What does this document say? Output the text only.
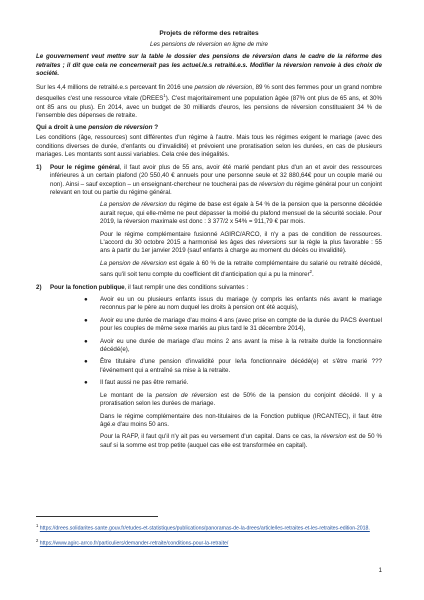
Projets de réforme des retraites
Les pensions de réversion en ligne de mire
Le gouvernement veut mettre sur la table le dossier des pensions de réversion dans le cadre de la réforme des retraites ; il dit que cela ne concernerait pas les actuel.le.s retraité.e.s. Modifier la réversion renvoie à des choix de société.

Sur les 4,4 millions de retraité.e.s percevant fin 2016 une pension de réversion, 89 % sont des femmes pour un grand nombre desquelles c'est une ressource vitale (DREES$^1$). C'est majoritairement une population âgée (87% ont plus de 65 ans, et 30% ont 85 ans ou plus). En 2014, avec un budget de 30 milliards d'euros, les pensions de réversion constituaient 34 % de l'ensemble des dépenses de retraite.

Qui a droit à une pension de réversion ?

Les conditions (âge, ressources) sont différentes d'un régime à l'autre. Mais tous les régimes exigent le mariage (avec des conditions diverses de durée, d'enfants ou d'invalidité) et prévoient une proratisation selon les durées, en cas de plusieurs mariages. Les montants sont aussi variables. Cela crée des inégalités.

1)	Pour le régime général, il faut avoir plus de 55 ans, avoir été marié pendant plus d'un an et avoir des ressources inférieures à un certain plafond (20 550,40 € annuels pour une personne seule et 32 880,64€ pour un couple marié ou non). Ainsi – sauf exception – un enseignant-chercheur ne toucherai pas de réversion du régime général pour un conjoint relevant en tout ou partie du régime général.

La pension de réversion du régime de base est égale à 54 % de la pension que la personne décédée aurait reçue, qui elle-même ne peut dépasser la moitié du plafond mensuel de la sécurité sociale. Pour 2019, la réversion maximale est donc : 3 377/2 x 54% = 911,79 € par mois.

Pour le régime complémentaire fusionné AGIRC/ARCO, il n'y a pas de condition de ressources. L'accord du 30 octobre 2015 a harmonisé les âges des réversions sur la règle la plus favorable : 55 ans à partir du 1er janvier 2019 (sauf enfants à charge au moment du décès ou invalidité).

La pension de réversion est égale à 60 % de la retraite complémentaire du salarié ou retraité décédé, sans qu'il soit tenu compte du coefficient dit d'anticipation qui a pu la minorer$^2$.

2)	Pour la fonction publique, il faut remplir une des conditions suivantes :
●	Avoir eu un ou plusieurs enfants issus du mariage (y compris les enfants nés avant le mariage reconnus par le père au nom duquel les droits à pension ont été acquis),
●	Avoir eu une durée de mariage d'au moins 4 ans (avec prise en compte de la durée du PACS éventuel pour les couples de même sexe mariés au plus tard le 31 décembre 2014),
●	Avoir eu une durée de mariage d'au moins 2 ans avant la mise à la retraite du/de la fonctionnaire décédé(e),
●	Être titulaire d'une pension d'invalidité pour le/la fonctionnaire décédé(e) et s'être marié ??? l'événement qui a entraîné sa mise à la retraite.
●	Il faut aussi ne pas être remarié.

Le montant de la pension de réversion est de 50% de la pension du conjoint décédé. Il y a proratisation selon les durées de mariage.

Dans le régime complémentaire des non-titulaires de la Fonction publique (IRCANTEC), il faut être âgé.e d'au moins 50 ans.

Pour la RAFP, il faut qu'il n'y ait pas eu versement d'un capital. Dans ce cas, la réversion est de 50 % sauf si la somme est trop petite (auquel cas elle est transformée en capital).

$^1$ https://drees.solidarites-sante.gouv.fr/etudes-et-statistiques/publications/panoramas-de-la-drees/article/les-retraites-et-les-retraites-edition-2018.
$^2$ https://www.agirc-arrco.fr/particuliers/demander-retraite/conditions-pour-la-retraite/
1
